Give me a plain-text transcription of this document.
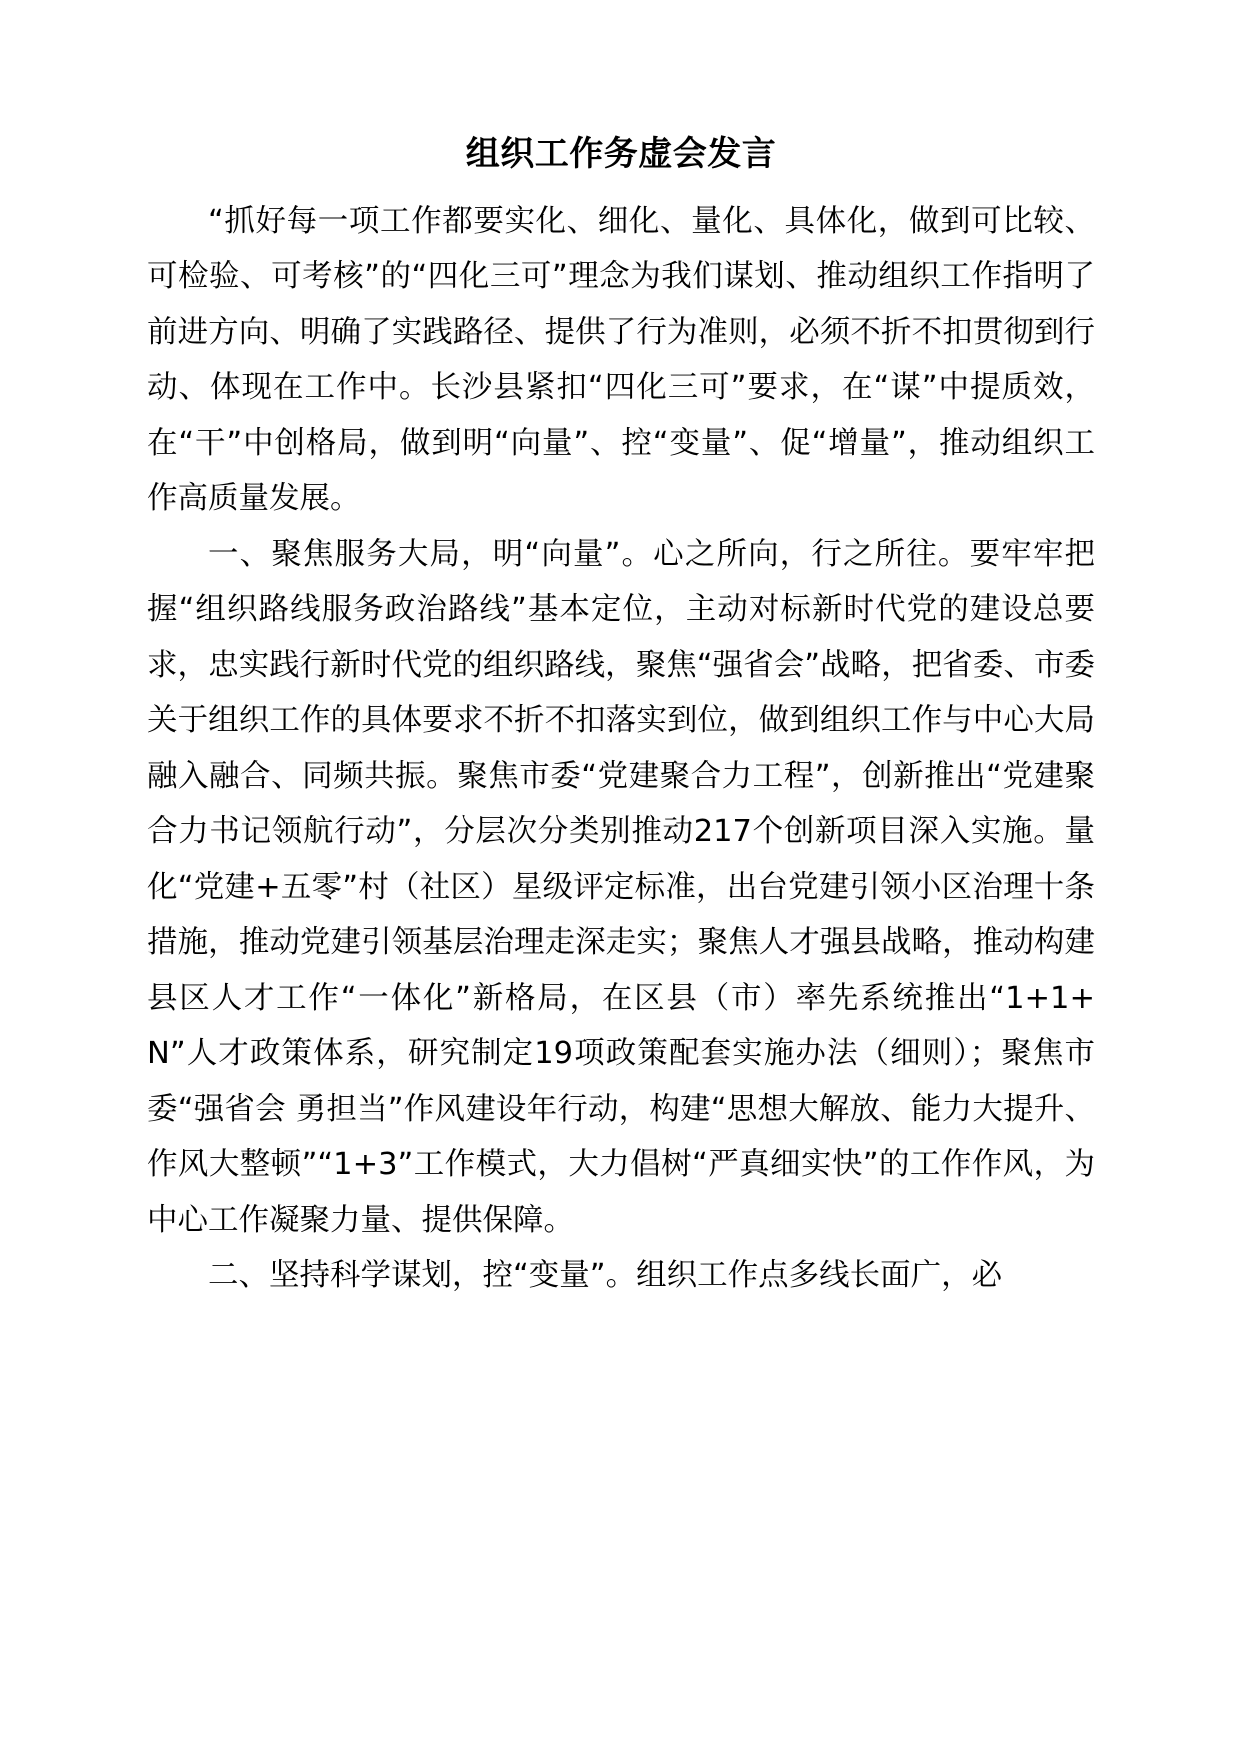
组织工作务虚会发言

“抓好每一项工作都要实化、细化、量化、具体化，做到可比较、可检验、可考核”的“四化三可”理念为我们谋划、推动组织工作指明了前进方向、明确了实践路径、提供了行为准则，必须不折不扣贯彻到行动、体现在工作中。长沙县紧扣“四化三可”要求，在“谋”中提质效，在“干”中创格局，做到明“向量”、控“变量”、促“增量”，推动组织工作高质量发展。

一、聚焦服务大局，明“向量”。心之所向，行之所往。要牢牢把握“组织路线服务政治路线”基本定位，主动对标新时代党的建设总要求，忠实践行新时代党的组织路线，聚焦“强省会”战略，把省委、市委关于组织工作的具体要求不折不扣落实到位，做到组织工作与中心大局融入融合、同频共振。聚焦市委“党建聚合力工程”，创新推出“党建聚合力书记领航行动”，分层次分类别推动217个创新项目深入实施。量化“党建+五零”村（社区）星级评定标准，出台党建引领小区治理十条措施，推动党建引领基层治理走深走实；聚焦人才强县战略，推动构建县区人才工作“一体化”新格局，在区县（市）率先系统推出“1+1+N”人才政策体系，研究制定19项政策配套实施办法（细则）；聚焦市委“强省会 勇担当”作风建设年行动，构建“思想大解放、能力大提升、作风大整顿”“1+3”工作模式，大力倡树“严真细实快”的工作作风，为中心工作凝聚力量、提供保障。

二、坚持科学谋划，控“变量”。组织工作点多线长面广，必
